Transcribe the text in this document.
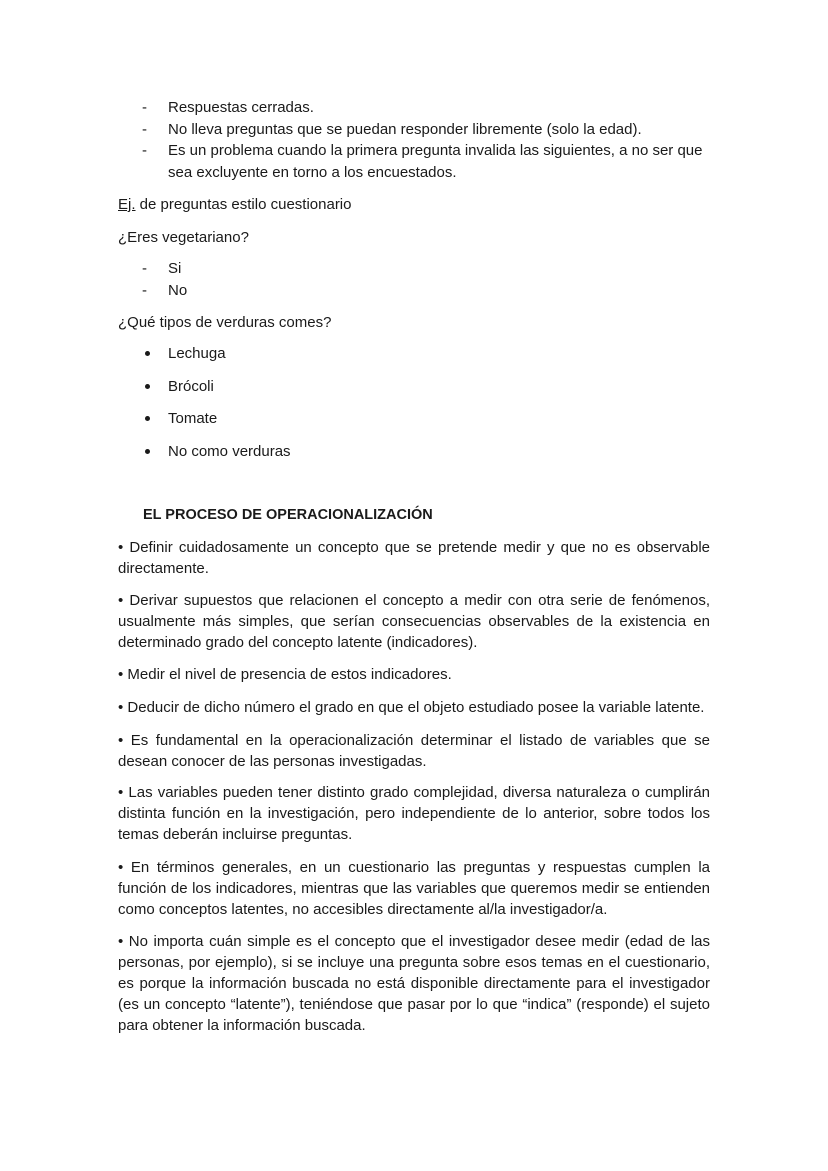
- Respuestas cerradas.
- No lleva preguntas que se puedan responder libremente (solo la edad).
- Es un problema cuando la primera pregunta invalida las siguientes, a no ser que sea excluyente en torno a los encuestados.
Ej. de preguntas estilo cuestionario
¿Eres vegetariano?
- Si
- No
¿Qué tipos de verduras comes?
Lechuga
Brócoli
Tomate
No como verduras
EL PROCESO DE OPERACIONALIZACIÓN

• Definir cuidadosamente un concepto que se pretende medir y que no es observable directamente.

• Derivar supuestos que relacionen el concepto a medir con otra serie de fenómenos, usualmente más simples, que serían consecuencias observables de la existencia en determinado grado del concepto latente (indicadores).

• Medir el nivel de presencia de estos indicadores.

• Deducir de dicho número el grado en que el objeto estudiado posee la variable latente.

• Es fundamental en la operacionalización determinar el listado de variables que se desean conocer de las personas investigadas.

• Las variables pueden tener distinto grado complejidad, diversa naturaleza o cumplirán distinta función en la investigación, pero independiente de lo anterior, sobre todos los temas deberán incluirse preguntas.

• En términos generales, en un cuestionario las preguntas y respuestas cumplen la función de los indicadores, mientras que las variables que queremos medir se entienden como conceptos latentes, no accesibles directamente al/la investigador/a.

• No importa cuán simple es el concepto que el investigador desee medir (edad de las personas, por ejemplo), si se incluye una pregunta sobre esos temas en el cuestionario, es porque la información buscada no está disponible directamente para el investigador (es un concepto “latente”), teniéndose que pasar por lo que “indica” (responde) el sujeto para obtener la información buscada.
